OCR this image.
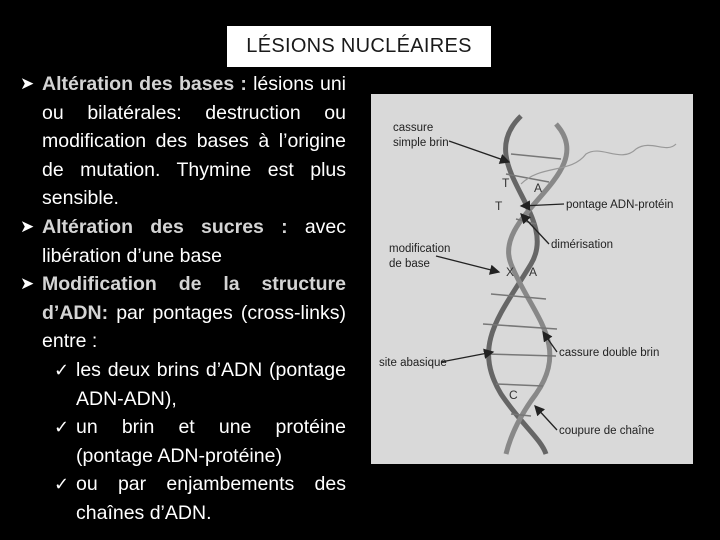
LÉSIONS NUCLÉAIRES
➤ Altération des bases : lésions uni ou bilatérales: destruction ou modification des bases à l’origine de mutation. Thymine est plus sensible.
➤ Altération des sucres : avec libération d’une base
➤ Modification de la structure d’ADN: par pontages (cross-links) entre :
✓ les deux brins d’ADN (pontage ADN-ADN),
✓ un brin et une protéine (pontage ADN-protéine)
✓ ou par enjambements des chaînes d’ADN.
T
T
A
X A
C
cassure
simple brin
pontage ADN-protéin
dimérisation
modification
de base
site abasique
cassure double brin
coupure de chaîne
